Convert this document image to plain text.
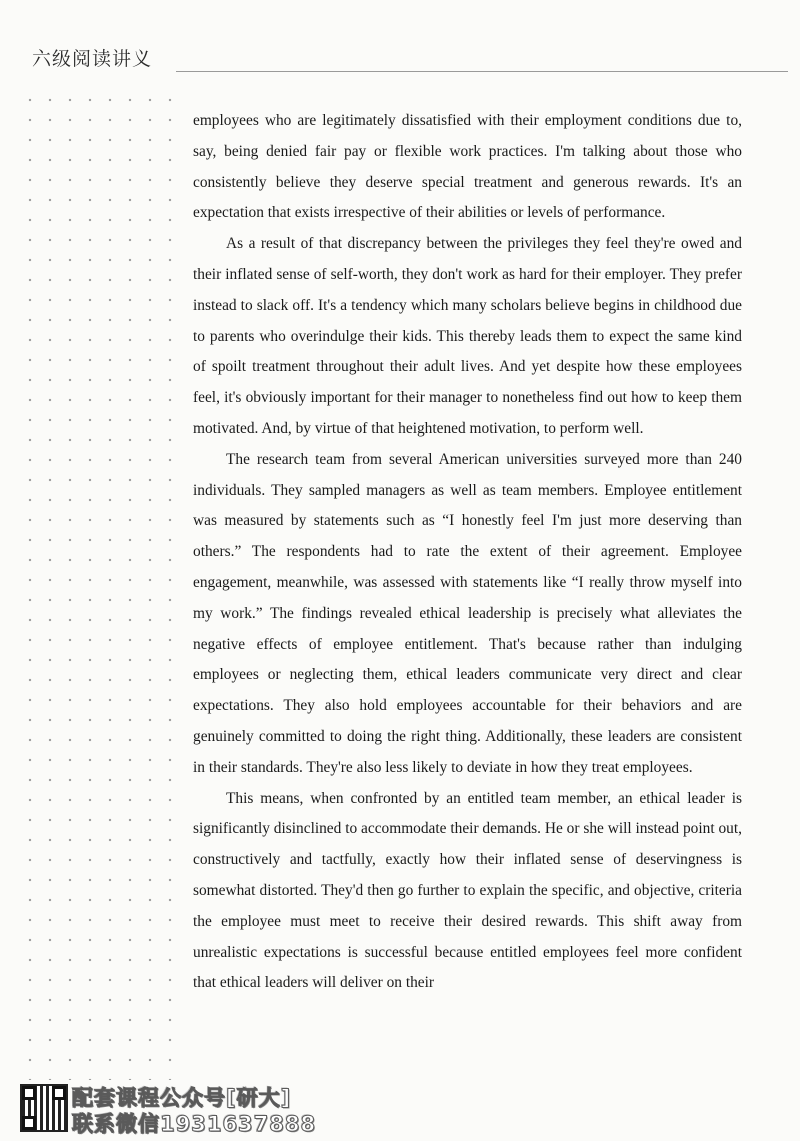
六级阅读讲义

employees who are legitimately dissatisfied with their employment conditions due to, say, being denied fair pay or flexible work practices. I'm talking about those who consistently believe they deserve special treatment and generous rewards. It's an expectation that exists irrespective of their abilities or levels of performance.

As a result of that discrepancy between the privileges they feel they're owed and their inflated sense of self-worth, they don't work as hard for their employer. They prefer instead to slack off. It's a tendency which many scholars believe begins in childhood due to parents who overindulge their kids. This thereby leads them to expect the same kind of spoilt treatment throughout their adult lives. And yet despite how these employees feel, it's obviously important for their manager to nonetheless find out how to keep them motivated. And, by virtue of that heightened motivation, to perform well.

The research team from several American universities surveyed more than 240 individuals. They sampled managers as well as team members. Employee entitlement was measured by statements such as “I honestly feel I'm just more deserving than others.” The respondents had to rate the extent of their agreement. Employee engagement, meanwhile, was assessed with statements like “I really throw myself into my work.” The findings revealed ethical leadership is precisely what alleviates the negative effects of employee entitlement. That's because rather than indulging employees or neglecting them, ethical leaders communicate very direct and clear expectations. They also hold employees accountable for their behaviors and are genuinely committed to doing the right thing. Additionally, these leaders are consistent in their standards. They're also less likely to deviate in how they treat employees.

This means, when confronted by an entitled team member, an ethical leader is significantly disinclined to accommodate their demands. He or she will instead point out, constructively and tactfully, exactly how their inflated sense of deservingness is somewhat distorted. They'd then go further to explain the specific, and objective, criteria the employee must meet to receive their desired rewards. This shift away from unrealistic expectations is successful because entitled employees feel more confident that ethical leaders will deliver on their

配套课程公众号[研大]
联系微信1931637888
